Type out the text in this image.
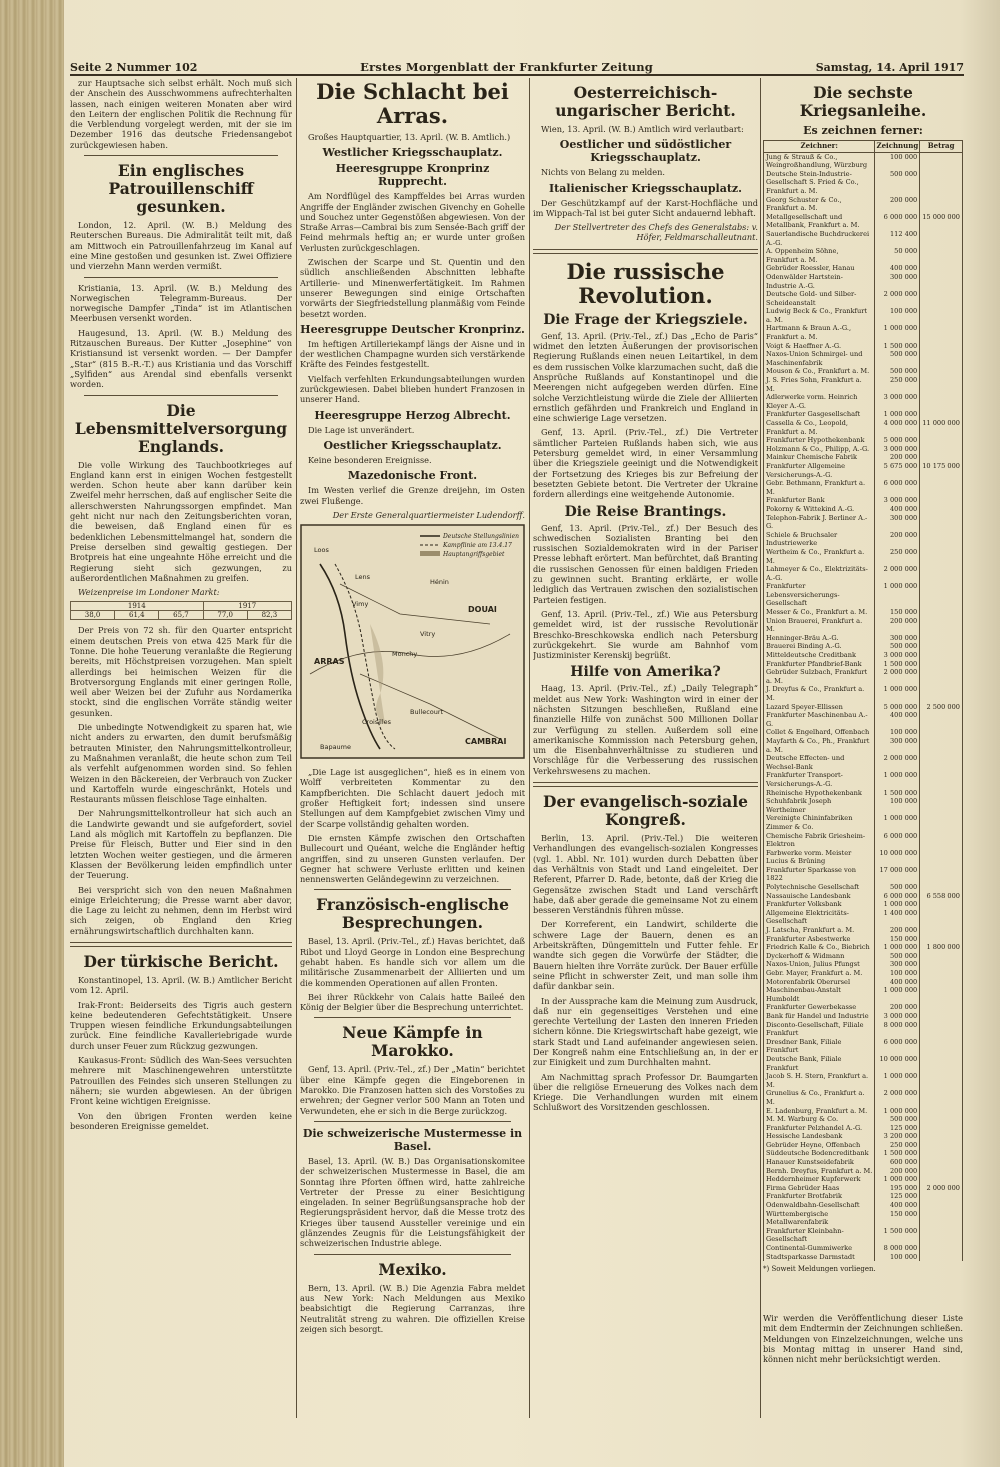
Seite 2 Nummer 102	Erstes Morgenblatt der Frankfurter Zeitung	Samstag, 14. April 1917

zur Hauptsache sich selbst erhält. Noch muß sich der Anschein des Ausschwommens aufrechterhalten lassen, nach einigen weiteren Monaten aber wird den Leitern der englischen Politik die Rechnung für die Verblendung vorgelegt werden, mit der sie im Dezember 1916 das deutsche Friedensangebot zurückgewiesen haben.

Ein englisches Patrouillenschiff gesunken.

London, 12. April. (W. B.) Meldung des Reuterschen Bureaus. Die Admiralität teilt mit, daß am Mittwoch ein Patrouillenfahrzeug im Kanal auf eine Mine gestoßen und gesunken ist. Zwei Offiziere und vierzehn Mann werden vermißt.

Kristiania, 13. April. (W. B.) Meldung des Norwegischen Telegramm-Bureaus. Der norwegische Dampfer „Tinda“ ist im Atlantischen Meerbusen versenkt worden.

Haugesund, 13. April. (W. B.) Meldung des Ritzauschen Bureaus. Der Kutter „Josephine“ von Kristiansund ist versenkt worden. — Der Dampfer „Star“ (815 B.-R.-T.) aus Kristiania und das Vorschiff „Sylfiden“ aus Arendal sind ebenfalls versenkt worden.

Die Lebensmittelversorgung Englands.

Die volle Wirkung des Tauchbootkrieges auf England kann erst in einigen Wochen festgestellt werden. Schon heute aber kann darüber kein Zweifel mehr herrschen, daß auf englischer Seite die allerschwersten Nahrungssorgen empfindet. Man geht nicht nur nach den Zeitungsberichten voran, die beweisen, daß England einen für es bedenklichen Lebensmittelmangel hat, sondern die Preise derselben sind gewaltig gestiegen. Der Brotpreis hat eine ungeahnte Höhe erreicht und die Regierung sieht sich gezwungen, zu außerordentlichen Maßnahmen zu greifen.

Weizenpreise im Londoner Markt:

1914			1917	
38,0	61,4	65,7	77,0	82,3

Der Preis von 72 sh. für den Quarter entspricht einem deutschen Preis von etwa 425 Mark für die Tonne. Die hohe Teuerung veranlaßte die Regierung bereits, mit Höchstpreisen vorzugehen. Man spielt allerdings bei heimischen Weizen für die Brotversorgung Englands mit einer geringen Rolle, weil aber Weizen bei der Zufuhr aus Nordamerika stockt, sind die englischen Vorräte ständig weiter gesunken.

Die unbedingte Notwendigkeit zu sparen hat, wie nicht anders zu erwarten, den dumit berufsmäßig betrauten Minister, den Nahrungsmittelkontrolleur, zu Maßnahmen veranlaßt, die heute schon zum Teil als verfehlt aufgenommen worden sind. So fehlen Weizen in den Bäckereien, der Verbrauch von Zucker und Kartoffeln wurde eingeschränkt, Hotels und Restaurants müssen fleischlose Tage einhalten.

Der Nahrungsmittelkontrolleur hat sich auch an die Landwirte gewandt und sie aufgefordert, soviel Land als möglich mit Kartoffeln zu bepflanzen. Die Preise für Fleisch, Butter und Eier sind in den letzten Wochen weiter gestiegen, und die ärmeren Klassen der Bevölkerung leiden empfindlich unter der Teuerung.

Bei verspricht sich von den neuen Maßnahmen einige Erleichterung; die Presse warnt aber davor, die Lage zu leicht zu nehmen, denn im Herbst wird sich zeigen, ob England den Krieg ernährungswirtschaftlich durchhalten kann.

Der türkische Bericht.

Konstantinopel, 13. April. (W. B.) Amtlicher Bericht vom 12. April.

Irak-Front: Beiderseits des Tigris auch gestern keine bedeutenderen Gefechtstätigkeit. Unsere Truppen wiesen feindliche Erkundungsabteilungen zurück. Eine feindliche Kavalleriebrigade wurde durch unser Feuer zum Rückzug gezwungen.

Kaukasus-Front: Südlich des Wan-Sees versuchten mehrere mit Maschinengewehren unterstützte Patrouillen des Feindes sich unseren Stellungen zu nähern; sie wurden abgewiesen. An der übrigen Front keine wichtigen Ereignisse.

Von den übrigen Fronten werden keine besonderen Ereignisse gemeldet.

Die Schlacht bei Arras.

Großes Hauptquartier, 13. April. (W. B. Amtlich.)

Westlicher Kriegsschauplatz.
Heeresgruppe Kronprinz Rupprecht.

Am Nordflügel des Kampffeldes bei Arras wurden Angriffe der Engländer zwischen Givenchy en Gohelle und Souchez unter Gegenstößen abgewiesen. Von der Straße Arras—Cambrai bis zum Sensée-Bach griff der Feind mehrmals heftig an; er wurde unter großen Verlusten zurückgeschlagen.

Zwischen der Scarpe und St. Quentin und den südlich anschließenden Abschnitten lebhafte Artillerie- und Minenwerfertätigkeit. Im Rahmen unserer Bewegungen sind einige Ortschaften vorwärts der Siegfriedstellung planmäßig vom Feinde besetzt worden.

Heeresgruppe Deutscher Kronprinz.

Im heftigen Artilleriekampf längs der Aisne und in der westlichen Champagne wurden sich verstärkende Kräfte des Feindes festgestellt.

Vielfach verfehlten Erkundungsabteilungen wurden zurückgewiesen. Dabei blieben hundert Franzosen in unserer Hand.

Heeresgruppe Herzog Albrecht.

Die Lage ist unverändert.

Oestlicher Kriegsschauplatz.

Keine besonderen Ereignisse.

Mazedonische Front.

Im Westen verlief die Grenze dreijehn, im Osten zwei Flußenge.

Der Erste Generalquartiermeister Ludendorff.

Deutsche Stellungslinien
Kampflinie am 13.4.17
Hauptangriffsgebiet
Loos
Lens
Hénin
Vimy
DOUAI
Vitry
ARRAS
Monchy
Croisilles
Bullecourt
CAMBRAI
Bapaume

„Die Lage ist ausgeglichen“, hieß es in einem von Wolff verbreiteten Kommentar zu den Kampfberichten. Die Schlacht dauert jedoch mit großer Heftigkeit fort; indessen sind unsere Stellungen auf dem Kampfgebiet zwischen Vimy und der Scarpe vollständig gehalten worden.

Die ernsten Kämpfe zwischen den Ortschaften Bullecourt und Quéant, welche die Engländer heftig angriffen, sind zu unseren Gunsten verlaufen. Der Gegner hat schwere Verluste erlitten und keinen nennenswerten Geländegewinn zu verzeichnen.

Französisch-englische Besprechungen.

Basel, 13. April. (Priv.-Tel., zf.) Havas berichtet, daß Ribot und Lloyd George in London eine Besprechung gehabt haben. Es handle sich vor allem um die militärische Zusammenarbeit der Alliierten und um die kommenden Operationen auf allen Fronten.

Bei ihrer Rückkehr von Calais hatte Baileé den König der Belgier über die Besprechung unterrichtet.

Neue Kämpfe in Marokko.

Genf, 13. April. (Priv.-Tel., zf.) Der „Matin“ berichtet über eine Kämpfe gegen die Eingeborenen in Marokko. Die Franzosen hatten sich des Vorstoßes zu erwehren; der Gegner verlor 500 Mann an Toten und Verwundeten, ehe er sich in die Berge zurückzog.

Die schweizerische Mustermesse in Basel.

Basel, 13. April. (W. B.) Das Organisationskomitee der schweizerischen Mustermesse in Basel, die am Sonntag ihre Pforten öffnen wird, hatte zahlreiche Vertreter der Presse zu einer Besichtigung eingeladen. In seiner Begrüßungsansprache hob der Regierungspräsident hervor, daß die Messe trotz des Krieges über tausend Aussteller vereinige und ein glänzendes Zeugnis für die Leistungsfähigkeit der schweizerischen Industrie ablege.

Mexiko.

Bern, 13. April. (W. B.) Die Agenzia Fabra meldet aus New York: Nach Meldungen aus Mexiko beabsichtigt die Regierung Carranzas, ihre Neutralität streng zu wahren. Die offiziellen Kreise zeigen sich besorgt.

Oesterreichisch-ungarischer Bericht.

Wien, 13. April. (W. B.) Amtlich wird verlautbart:

Oestlicher und südöstlicher Kriegsschauplatz.

Nichts von Belang zu melden.

Italienischer Kriegsschauplatz.

Der Geschützkampf auf der Karst-Hochfläche und im Wippach-Tal ist bei guter Sicht andauernd lebhaft.

Der Stellvertreter des Chefs des Generalstabs: v. Höfer, Feldmarschalleutnant.

Die russische Revolution.
Die Frage der Kriegsziele.

Genf, 13. April. (Priv.-Tel., zf.) Das „Echo de Paris“ widmet den letzten Äußerungen der provisorischen Regierung Rußlands einen neuen Leitartikel, in dem es dem russischen Volke klarzumachen sucht, daß die Ansprüche Rußlands auf Konstantinopel und die Meerengen nicht aufgegeben werden dürfen. Eine solche Verzichtleistung würde die Ziele der Alliierten ernstlich gefährden und Frankreich und England in eine schwierige Lage versetzen.

Genf, 13. April. (Priv.-Tel., zf.) Die Vertreter sämtlicher Parteien Rußlands haben sich, wie aus Petersburg gemeldet wird, in einer Versammlung über die Kriegsziele geeinigt und die Notwendigkeit der Fortsetzung des Krieges bis zur Befreiung der besetzten Gebiete betont. Die Vertreter der Ukraine fordern allerdings eine weitgehende Autonomie.

Die Reise Brantings.

Genf, 13. April. (Priv.-Tel., zf.) Der Besuch des schwedischen Sozialisten Branting bei den russischen Sozialdemokraten wird in der Pariser Presse lebhaft erörtert. Man befürchtet, daß Branting die russischen Genossen für einen baldigen Frieden zu gewinnen sucht. Branting erklärte, er wolle lediglich das Vertrauen zwischen den sozialistischen Parteien festigen.

Genf, 13. April. (Priv.-Tel., zf.) Wie aus Petersburg gemeldet wird, ist der russische Revolutionär Breschko-Breschkowska endlich nach Petersburg zurückgekehrt. Sie wurde am Bahnhof vom Justizminister Kerenskij begrüßt.

Hilfe von Amerika?

Haag, 13. April. (Priv.-Tel., zf.) „Daily Telegraph“ meldet aus New York: Washington wird in einer der nächsten Sitzungen beschließen, Rußland eine finanzielle Hilfe von zunächst 500 Millionen Dollar zur Verfügung zu stellen. Außerdem soll eine amerikanische Kommission nach Petersburg gehen, um die Eisenbahnverhältnisse zu studieren und Vorschläge für die Verbesserung des russischen Verkehrswesens zu machen.

Der evangelisch-soziale Kongreß.

Berlin, 13. April. (Priv.-Tel.) Die weiteren Verhandlungen des evangelisch-sozialen Kongresses (vgl. 1. Abbl. Nr. 101) wurden durch Debatten über das Verhältnis von Stadt und Land eingeleitet. Der Referent, Pfarrer D. Rade, betonte, daß der Krieg die Gegensätze zwischen Stadt und Land verschärft habe, daß aber gerade die gemeinsame Not zu einem besseren Verständnis führen müsse.

Der Korreferent, ein Landwirt, schilderte die schwere Lage der Bauern, denen es an Arbeitskräften, Düngemitteln und Futter fehle. Er wandte sich gegen die Vorwürfe der Städter, die Bauern hielten ihre Vorräte zurück. Der Bauer erfülle seine Pflicht in schwerster Zeit, und man solle ihm dafür dankbar sein.

In der Aussprache kam die Meinung zum Ausdruck, daß nur ein gegenseitiges Verstehen und eine gerechte Verteilung der Lasten den inneren Frieden sichern könne. Die Kriegswirtschaft habe gezeigt, wie stark Stadt und Land aufeinander angewiesen seien. Der Kongreß nahm eine Entschließung an, in der er zur Einigkeit und zum Durchhalten mahnt.

Am Nachmittag sprach Professor Dr. Baumgarten über die religiöse Erneuerung des Volkes nach dem Kriege. Die Verhandlungen wurden mit einem Schlußwort des Vorsitzenden geschlossen.

Die sechste Kriegsanleihe.
Es zeichnen ferner:
Zeichner:	Zeichnung	Betrag
Jung & Strauß & Co., Weingroßhandlung, Würzburg	100 000	
Deutsche Stein-Industrie-Gesellschaft S. Fried & Co., Frankfurt a. M.	500 000	
Georg Schuster & Co., Frankfurt a. M.	200 000	
Metallgesellschaft und Metallbank, Frankfurt a. M.	6 000 000	15 000 000
Sauerlandische Buchdruckerei A.-G.	112 400	
A. Oppenheim Söhne, Frankfurt a. M.	50 000	
Gebrüder Roessler, Hanau	400 000	
Odenwälder Hartstein-Industrie A.-G.	300 000	
Deutsche Gold- und Silber-Scheideanstalt	2 000 000	
Ludwig Beck & Co., Frankfurt a. M.	100 000	
Hartmann & Braun A.-G., Frankfurt a. M.	1 000 000	
Voigt & Haeffner A.-G.	1 500 000	
Naxos-Union Schmirgel- und Maschinenfabrik	500 000	
Mouson & Co., Frankfurt a. M.	500 000	
J. S. Fries Sohn, Frankfurt a. M.	250 000	
Adlerwerke vorm. Heinrich Kleyer A.-G.	3 000 000	
Frankfurter Gasgesellschaft	1 000 000	
Cassella & Co., Leopold, Frankfurt a. M.	4 000 000	11 000 000
Frankfurter Hypothekenbank	5 000 000	
Holzmann & Co., Philipp, A.-G.	3 000 000	
Mainkur Chemische Fabrik	200 000	
Frankfurter Allgemeine Versicherungs-A.-G.	5 675 000	10 175 000
Gebr. Bethmann, Frankfurt a. M.	6 000 000	
Frankfurter Bank	3 000 000	
Pokorny & Wittekind A.-G.	400 000	
Telephon-Fabrik J. Berliner A.-G.	300 000	
Schiele & Bruchsaler Industriewerke	200 000	
Wertheim & Co., Frankfurt a. M.	250 000	
Lahmeyer & Co., Elektrizitäts-A.-G.	2 000 000	
Frankfurter Lebensversicherungs-Gesellschaft	1 000 000	
Messer & Co., Frankfurt a. M.	150 000	
Union Brauerei, Frankfurt a. M.	200 000	
Henninger-Bräu A.-G.	300 000	
Brauerei Binding A.-G.	500 000	
Mitteldeutsche Creditbank	3 000 000	
Frankfurter Pfandbrief-Bank	1 500 000	
Gebrüder Sulzbach, Frankfurt a. M.	2 000 000	
J. Dreyfus & Co., Frankfurt a. M.	1 000 000	
Lazard Speyer-Ellissen	5 000 000	2 500 000
Frankfurter Maschinenbau A.-G.	400 000	
Collet & Engelhard, Offenbach	100 000	
Mayfarth & Co., Ph., Frankfurt a. M.	300 000	
Deutsche Effecten- und Wechsel-Bank	2 000 000	
Frankfurter Transport-Versicherungs-A.-G.	1 000 000	
Rheinische Hypothekenbank	1 500 000	
Schuhfabrik Joseph Wertheimer	100 000	
Vereinigte Chininfabriken Zimmer & Co.	1 000 000	
Chemische Fabrik Griesheim-Elektron	6 000 000	
Farbwerke vorm. Meister Lucius & Brüning	10 000 000	
Frankfurter Sparkasse von 1822	17 000 000	
Polytechnische Gesellschaft	500 000	
Nassauische Landesbank	6 000 000	6 558 000
Frankfurter Volksbank	1 000 000	
Allgemeine Elektricitäts-Gesellschaft	1 400 000	
J. Latscha, Frankfurt a. M.	200 000	
Frankfurter Asbestwerke	150 000	
Friedrich Kalle & Co., Biebrich	1 000 000	1 800 000
Dyckerhoff & Widmann	500 000	
Naxos-Union, Julius Pfungst	300 000	
Gebr. Mayer, Frankfurt a. M.	100 000	
Motorenfabrik Oberursel	400 000	
Maschinenbau-Anstalt Humboldt	1 000 000	
Frankfurter Gewerbekasse	200 000	
Bank für Handel und Industrie	3 000 000	
Disconto-Gesellschaft, Filiale Frankfurt	8 000 000	
Dresdner Bank, Filiale Frankfurt	6 000 000	
Deutsche Bank, Filiale Frankfurt	10 000 000	
Jacob S. H. Stern, Frankfurt a. M.	1 000 000	
Grunelius & Co., Frankfurt a. M.	2 000 000	
E. Ladenburg, Frankfurt a. M.	1 000 000	
M. M. Warburg & Co.	500 000	
Frankfurter Pelzhandel A.-G.	125 000	
Hessische Landesbank	3 200 000	
Gebrüder Heyne, Offenbach	250 000	
Süddeutsche Bodencreditbank	1 500 000	
Hanauer Kunstseidefabrik	600 000	
Bernh. Dreyfus, Frankfurt a. M.	200 000	
Heddernheimer Kupferwerk	1 000 000	
Firma Gebrüder Haas	195 000	2 000 000
Frankfurter Brotfabrik	125 000	
Odenwaldbahn-Gesellschaft	400 000	
Württembergische Metallwarenfabrik	150 000	
Frankfurter Kleinbahn-Gesellschaft	1 500 000	
Continental-Gummiwerke	8 000 000	
Stadtsparkasse Darmstadt	100 000	

*) Soweit Meldungen vorliegen.

Wir werden die Veröffentlichung dieser Liste mit dem Endtermin der Zeichnungen schließen. Meldungen von Einzelzeichnungen, welche uns bis Montag mittag in unserer Hand sind, können nicht mehr berücksichtigt werden.
